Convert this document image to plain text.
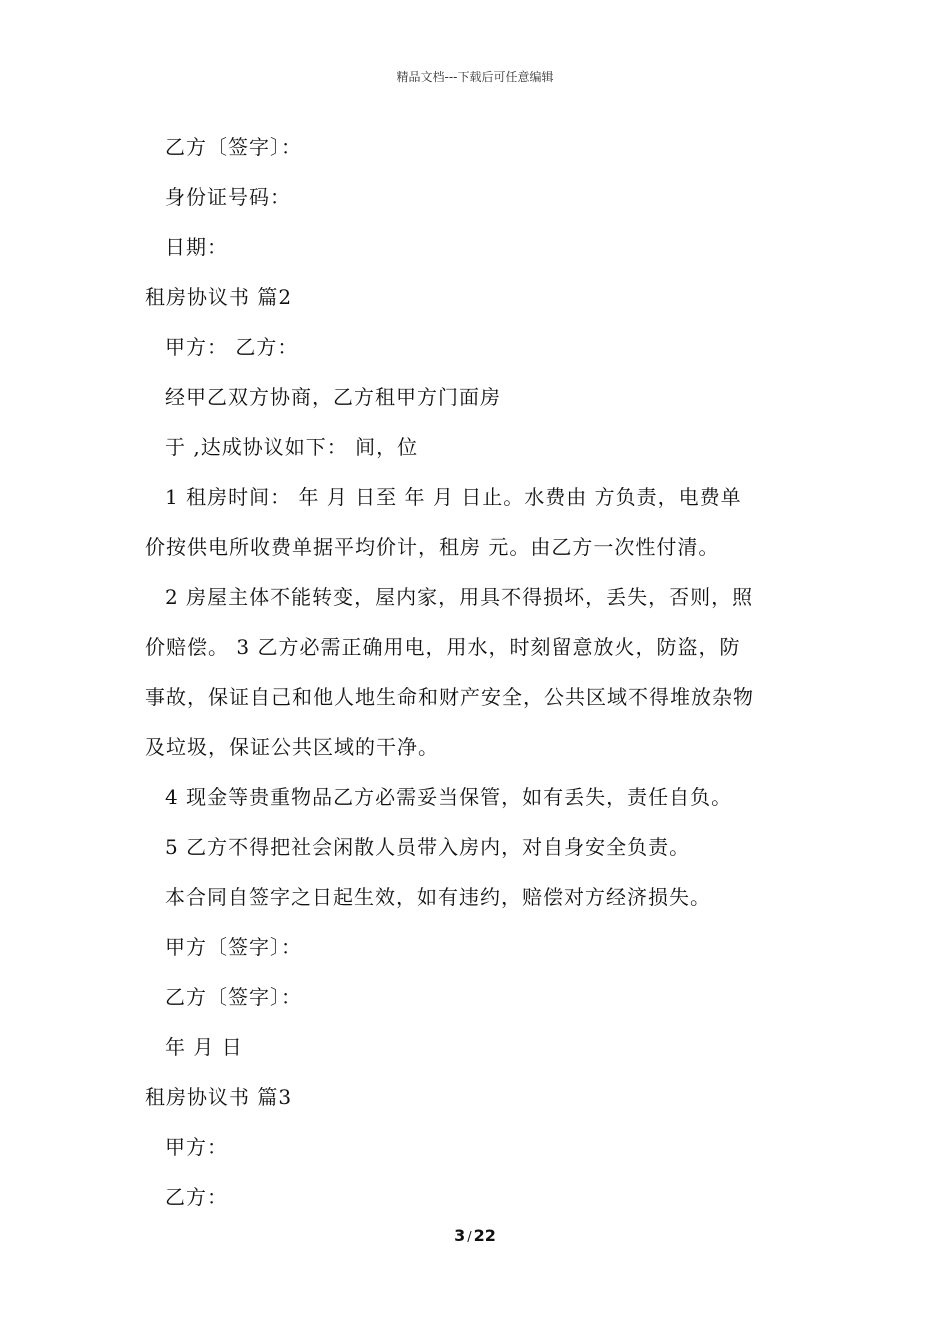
精品文档---下载后可任意编辑
乙方〔签字〕：
身份证号码：
日期：
租房协议书 篇2
甲方： 乙方：
经甲乙双方协商，乙方租甲方门面房
于 ,达成协议如下： 间，位
1 租房时间： 年 月 日至 年 月 日止。水费由 方负责，电费单
价按供电所收费单据平均价计，租房 元。由乙方一次性付清。
2 房屋主体不能转变，屋内家，用具不得损坏，丢失，否则，照
价赔偿。 3 乙方必需正确用电，用水，时刻留意放火，防盗，防
事故，保证自己和他人地生命和财产安全，公共区域不得堆放杂物
及垃圾，保证公共区域的干净。
4 现金等贵重物品乙方必需妥当保管，如有丢失，责任自负。
5 乙方不得把社会闲散人员带入房内，对自身安全负责。
本合同自签字之日起生效，如有违约，赔偿对方经济损失。
甲方〔签字〕：
乙方〔签字〕：
年 月 日
租房协议书 篇3
甲方：
乙方：
3 / 22
